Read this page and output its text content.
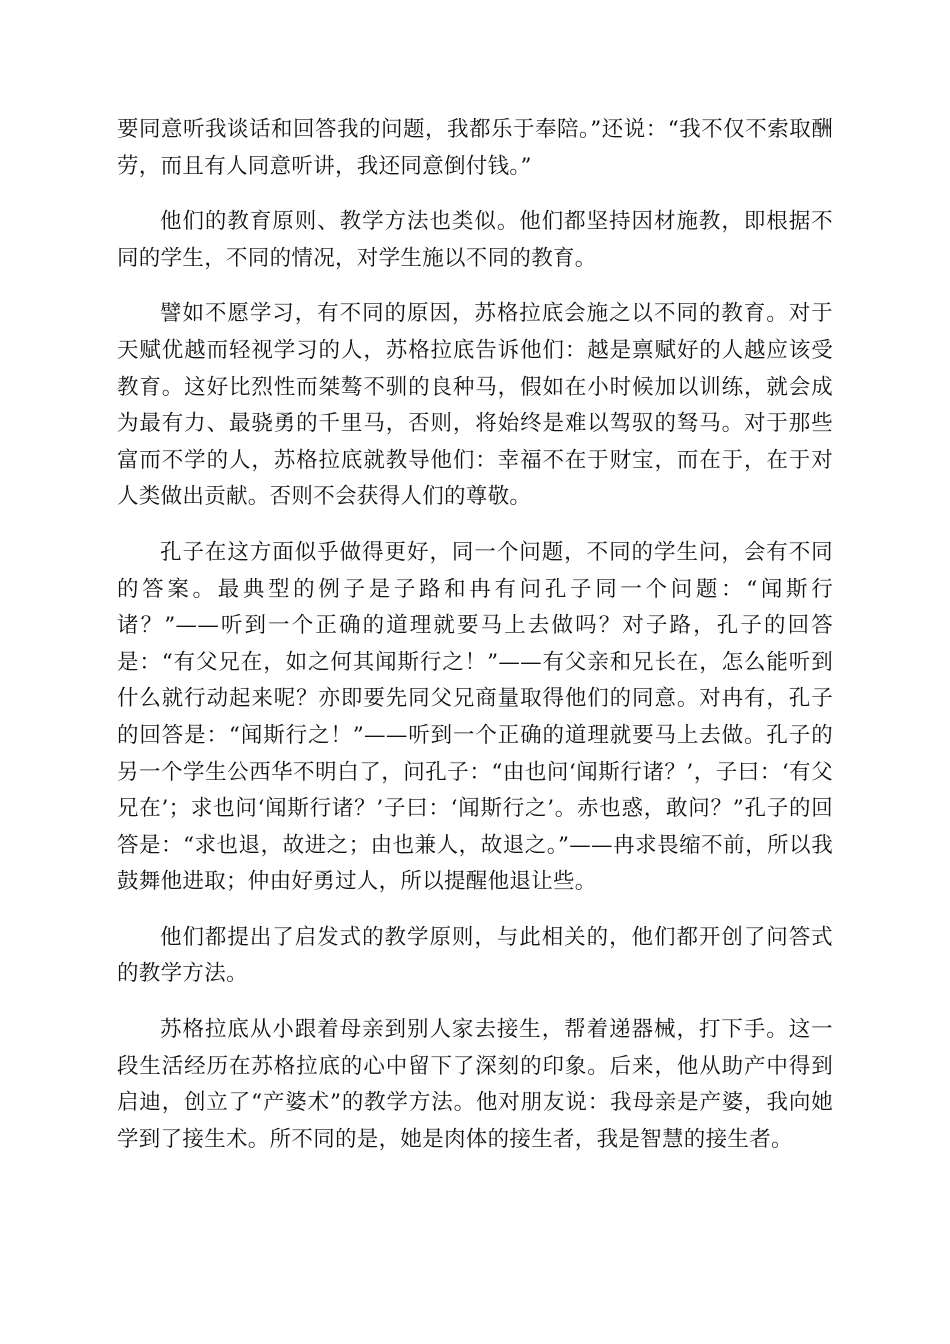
要同意听我谈话和回答我的问题，我都乐于奉陪。”还说：“我不仅不索取酬劳，而且有人同意听讲，我还同意倒付钱。”

他们的教育原则、教学方法也类似。他们都坚持因材施教，即根据不同的学生，不同的情况，对学生施以不同的教育。

譬如不愿学习，有不同的原因，苏格拉底会施之以不同的教育。对于天赋优越而轻视学习的人，苏格拉底告诉他们：越是禀赋好的人越应该受教育。这好比烈性而桀骜不驯的良种马，假如在小时候加以训练，就会成为最有力、最骁勇的千里马，否则，将始终是难以驾驭的驽马。对于那些富而不学的人，苏格拉底就教导他们：幸福不在于财宝，而在于，在于对人类做出贡献。否则不会获得人们的尊敬。

孔子在这方面似乎做得更好，同一个问题，不同的学生问，会有不同的答案。最典型的例子是子路和冉有问孔子同一个问题：“闻斯行诸？”——听到一个正确的道理就要马上去做吗？对子路，孔子的回答是：“有父兄在，如之何其闻斯行之！”——有父亲和兄长在，怎么能听到什么就行动起来呢？亦即要先同父兄商量取得他们的同意。对冉有，孔子的回答是：“闻斯行之！”——听到一个正确的道理就要马上去做。孔子的另一个学生公西华不明白了，问孔子：“由也问‘闻斯行诸？’，子曰：‘有父兄在’；求也问‘闻斯行诸？’子曰：‘闻斯行之’。赤也惑，敢问？”孔子的回答是：“求也退，故进之；由也兼人，故退之。”——冉求畏缩不前，所以我鼓舞他进取；仲由好勇过人，所以提醒他退让些。

他们都提出了启发式的教学原则，与此相关的，他们都开创了问答式的教学方法。

苏格拉底从小跟着母亲到别人家去接生，帮着递器械，打下手。这一段生活经历在苏格拉底的心中留下了深刻的印象。后来，他从助产中得到启迪，创立了“产婆术”的教学方法。他对朋友说：我母亲是产婆，我向她学到了接生术。所不同的是，她是肉体的接生者，我是智慧的接生者。
